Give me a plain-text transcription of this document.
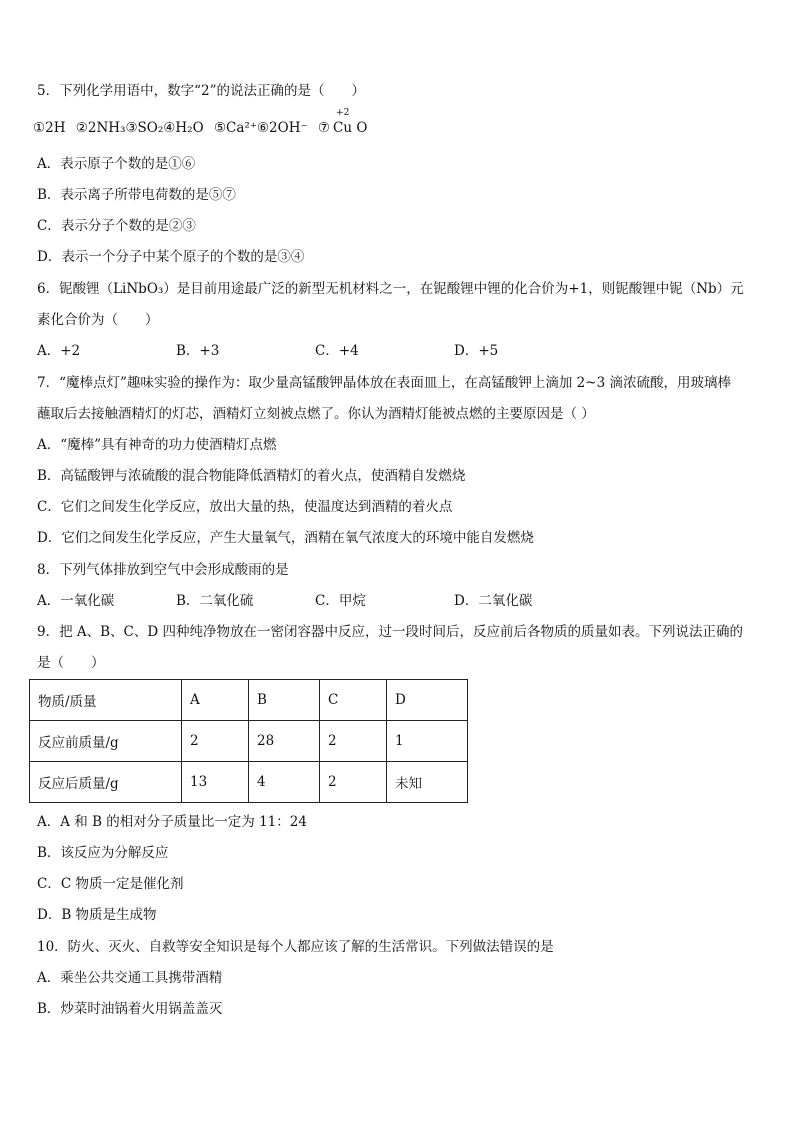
5．下列化学用语中，数字“2”的说法正确的是（　　）
①2H ②2NH₃③SO₂④H₂O ⑤Ca²⁺⑥2OH⁻ ⑦
+2
Cu O
A．表示原子个数的是①⑥
B．表示离子所带电荷数的是⑤⑦
C．表示分子个数的是②③
D．表示一个分子中某个原子的个数的是③④
6．铌酸锂（LiNbO₃）是目前用途最广泛的新型无机材料之一，在铌酸锂中锂的化合价为+1，则铌酸锂中铌（Nb）元
素化合价为（　　）
A．+2	B．+3	C．+4	D．+5
7．“魔棒点灯”趣味实验的操作为：取少量高锰酸钾晶体放在表面皿上，在高锰酸钾上滴加 2~3 滴浓硫酸，用玻璃棒
蘸取后去接触酒精灯的灯芯，酒精灯立刻被点燃了。你认为酒精灯能被点燃的主要原因是（ ）
A．“魔棒”具有神奇的功力使酒精灯点燃
B．高锰酸钾与浓硫酸的混合物能降低酒精灯的着火点，使酒精自发燃烧
C．它们之间发生化学反应，放出大量的热，使温度达到酒精的着火点
D．它们之间发生化学反应，产生大量氧气，酒精在氧气浓度大的环境中能自发燃烧
8．下列气体排放到空气中会形成酸雨的是
A．一氧化碳	B．二氧化硫	C．甲烷	D．二氧化碳
9．把 A、B、C、D 四种纯净物放在一密闭容器中反应，过一段时间后，反应前后各物质的质量如表。下列说法正确的
是（　　）
物质/质量	A	B	C	D
反应前质量/g	2	28	2	1
反应后质量/g	13	4	2	未知
A．A 和 B 的相对分子质量比一定为 11：24
B．该反应为分解反应
C．C 物质一定是催化剂
D．B 物质是生成物
10．防火、灭火、自救等安全知识是每个人都应该了解的生活常识。下列做法错误的是
A．乘坐公共交通工具携带酒精
B．炒菜时油锅着火用锅盖盖灭
